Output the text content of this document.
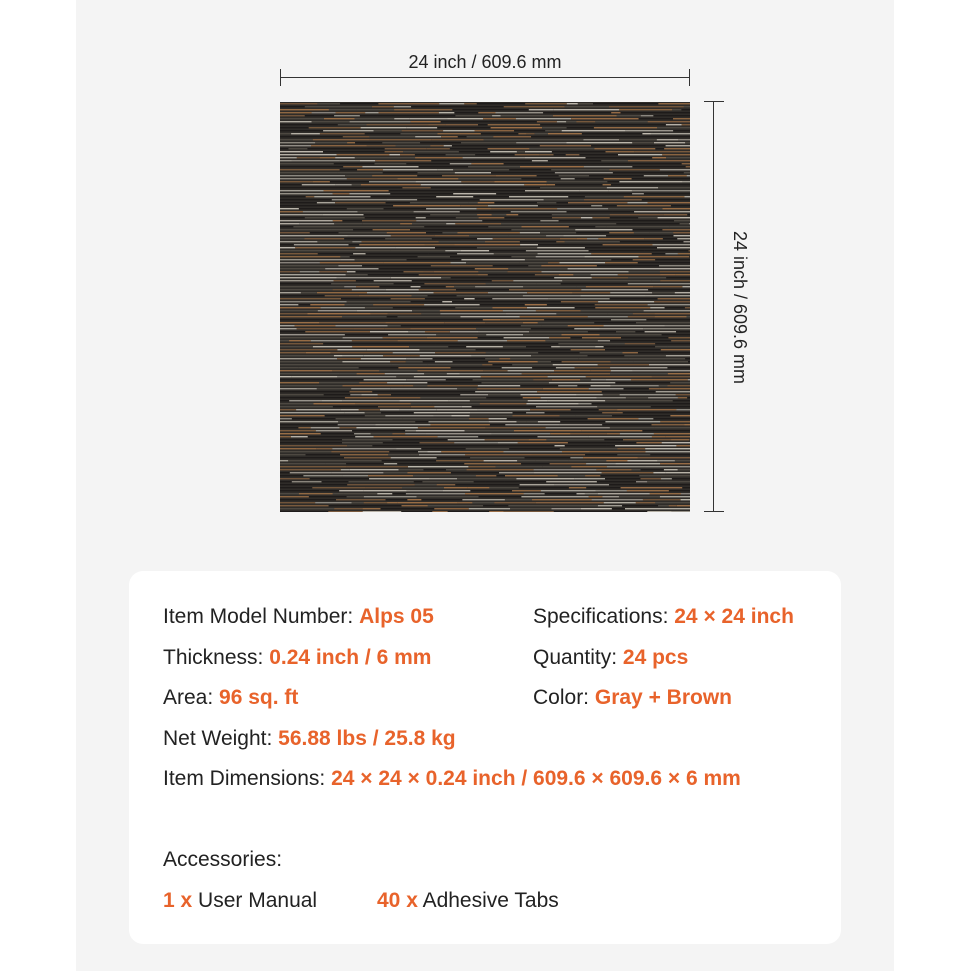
24 inch / 609.6 mm
24 inch / 609.6 mm
Item Model Number: Alps 05	Specifications: 24 × 24 inch
Thickness: 0.24 inch / 6 mm	Quantity: 24 pcs
Area: 96 sq. ft	Color: Gray + Brown
Net Weight: 56.88 lbs / 25.8 kg
Item Dimensions: 24 × 24 × 0.24 inch / 609.6 × 609.6 × 6 mm
Accessories:
1 x User Manual	40 x Adhesive Tabs
